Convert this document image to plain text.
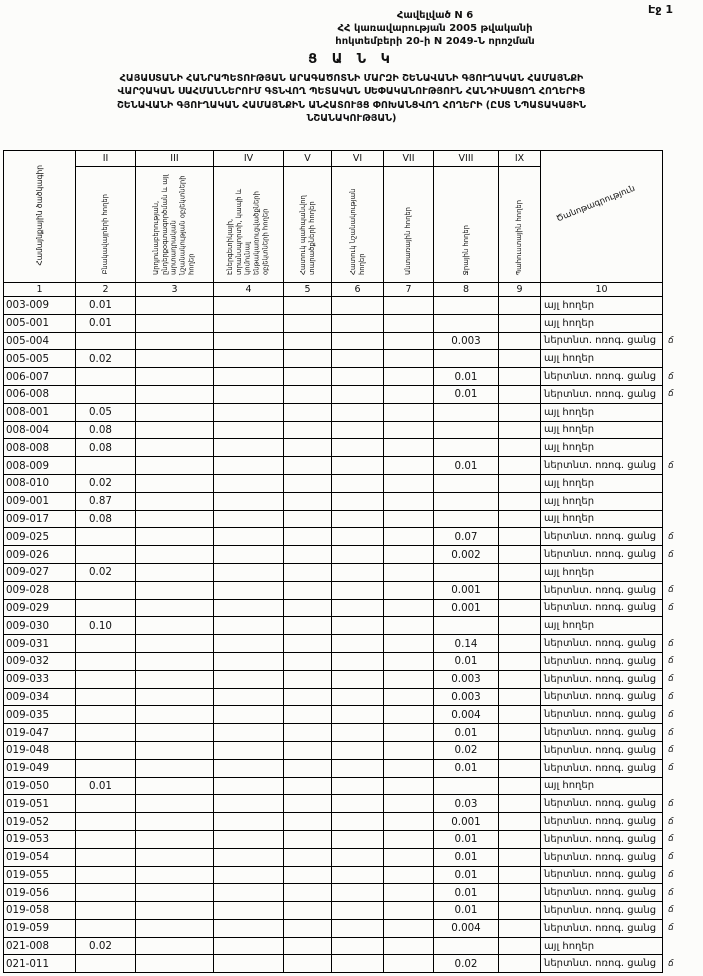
Էջ 1
Հավելված N 6
ՀՀ կառավարության 2005 թվականի
հոկտեմբերի 20-ի N 2049-Ն որոշման
Ց Ա Ն Կ
ՀԱՅԱՍՏԱՆԻ ՀԱՆՐԱՊԵՏՈՒԹՅԱՆ ԱՐԱԳԱԾՈՏՆԻ ՄԱՐԶԻ ՇԵՆԱՎԱՆԻ ԳՅՈՒՂԱԿԱՆ ՀԱՄԱՅՆՔԻ
ՎԱՐՉԱԿԱՆ ՍԱՀՄԱՆՆԵՐՈՒՄ ԳՏՆՎՈՂ ՊԵՏԱԿԱՆ ՍԵՓԱԿԱՆՈՒԹՅՈՒՆ ՀԱՆԴԻՍԱՑՈՂ ՀՈՂԵՐԻՑ
ՇԵՆԱՎԱՆԻ ԳՅՈՒՂԱԿԱՆ ՀԱՄԱՅՆՔԻՆ ԱՆՀԱՏՈՒՅՑ ՓՈԽԱՆՑՎՈՂ ՀՈՂԵՐԻ (ԸՍՏ ՆՊԱՏԱԿԱՅԻՆ
ՆՇԱՆԱԿՈՒԹՅԱՆ)
Համայնքային ծածկագիր	II	III	IV	V	VI	VII	VIII	IX	Ծանոթագրություն	
	Բնակավայրերի հողեր	Արդյունաբերության, ընդերքօգտագործման և այլ արտադրական նշանակության օբյեկտների հողեր	Էներգետիկայի, տրանսպորտի, կապի և կոմունալ ենթակառուցվածքների օբյեկտների հողեր	Հատուկ պահպանվող տարածքների հողեր	Հատուկ նշանակության հողեր	Անտառային հողեր	Ջրային հողեր	Պահուստային հողեր		
1	2	3	4	5	6	7	8	9	10	
003-009	0.01								այլ հողեր	
005-001	0.01								այլ հողեր	
005-004							0.003		ներտնտ. ոռոգ. ցանց	ճ
005-005	0.02								այլ հողեր	
006-007							0.01		ներտնտ. ոռոգ. ցանց	ճ
006-008							0.01		ներտնտ. ոռոգ. ցանց	ճ
008-001	0.05								այլ հողեր	
008-004	0.08								այլ հողեր	
008-008	0.08								այլ հողեր	
008-009							0.01		ներտնտ. ոռոգ. ցանց	ճ
008-010	0.02								այլ հողեր	
009-001	0.87								այլ հողեր	
009-017	0.08								այլ հողեր	
009-025							0.07		ներտնտ. ոռոգ. ցանց	ճ
009-026							0.002		ներտնտ. ոռոգ. ցանց	ճ
009-027	0.02								այլ հողեր	
009-028							0.001		ներտնտ. ոռոգ. ցանց	ճ
009-029							0.001		ներտնտ. ոռոգ. ցանց	ճ
009-030	0.10								այլ հողեր	
009-031							0.14		ներտնտ. ոռոգ. ցանց	ճ
009-032							0.01		ներտնտ. ոռոգ. ցանց	ճ
009-033							0.003		ներտնտ. ոռոգ. ցանց	ճ
009-034							0.003		ներտնտ. ոռոգ. ցանց	ճ
009-035							0.004		ներտնտ. ոռոգ. ցանց	ճ
019-047							0.01		ներտնտ. ոռոգ. ցանց	ճ
019-048							0.02		ներտնտ. ոռոգ. ցանց	ճ
019-049							0.01		ներտնտ. ոռոգ. ցանց	ճ
019-050	0.01								այլ հողեր	
019-051							0.03		ներտնտ. ոռոգ. ցանց	ճ
019-052							0.001		ներտնտ. ոռոգ. ցանց	ճ
019-053							0.01		ներտնտ. ոռոգ. ցանց	ճ
019-054							0.01		ներտնտ. ոռոգ. ցանց	ճ
019-055							0.01		ներտնտ. ոռոգ. ցանց	ճ
019-056							0.01		ներտնտ. ոռոգ. ցանց	ճ
019-058							0.01		ներտնտ. ոռոգ. ցանց	ճ
019-059							0.004		ներտնտ. ոռոգ. ցանց	ճ
021-008	0.02								այլ հողեր	
021-011							0.02		ներտնտ. ոռոգ. ցանց	ճ
